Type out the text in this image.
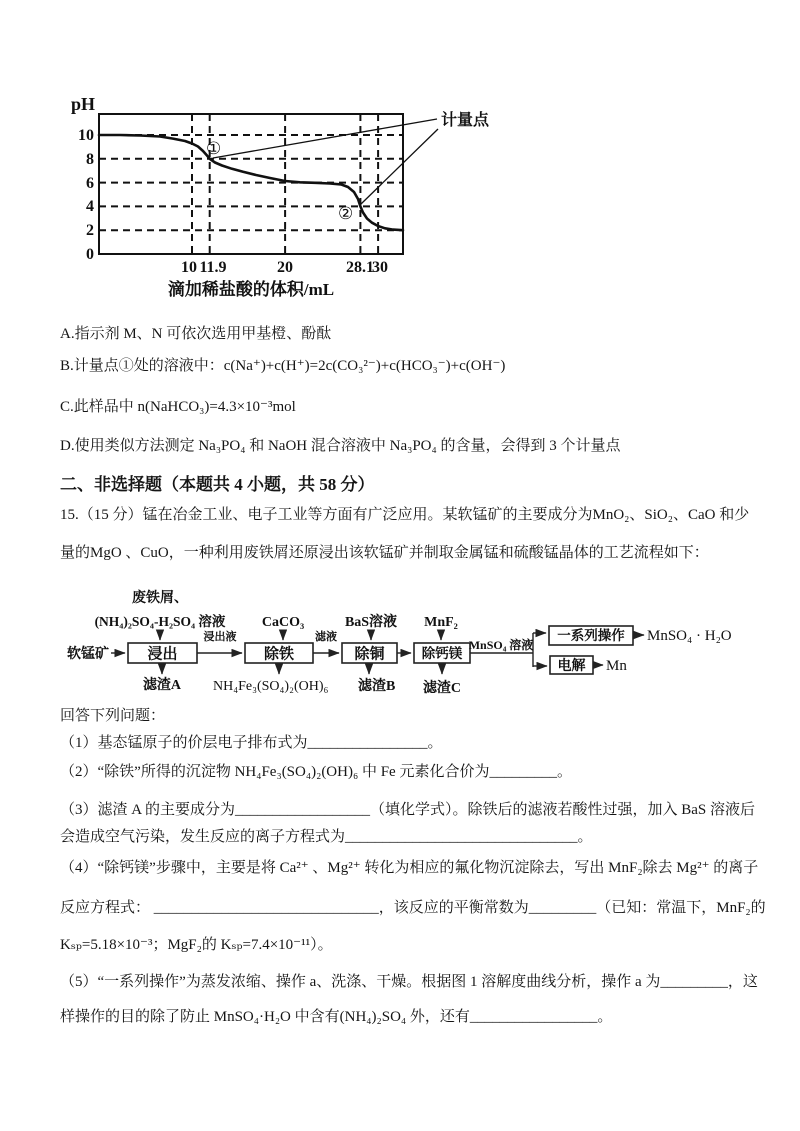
pH
10
8
6
4
2
0
10 11.9	20	28.1
30
滴加稀盐酸的体积/mL
计量点
①
②
A.指示剂 M、N 可依次选用甲基橙、酚酞
B.计量点①处的溶液中：c(Na⁺)+c(H⁺)=2c(CO₃²⁻)+c(HCO₃⁻)+c(OH⁻)
C.此样品中 n(NaHCO₃)=4.3×10⁻³mol
D.使用类似方法测定 Na₃PO₄ 和 NaOH 混合溶液中 Na₃PO₄ 的含量，会得到 3 个计量点
二、非选择题（本题共 4 小题，共 58 分）
15.（15 分）锰在冶金工业、电子工业等方面有广泛应用。某软锰矿的主要成分为MnO₂、SiO₂、CaO 和少
量的MgO 、CuO，一种利用废铁屑还原浸出该软锰矿并制取金属锰和硫酸锰晶体的工艺流程如下：
废铁屑、
(NH₄)₂SO₄-H₂SO₄ 溶液	CaCO₃	BaS溶液 MnF₂
软锰矿	浸出	除铁	除铜	除钙镁
一系列操作
电解
浸出液	滤液
MnSO₄ 溶液
MnSO₄ · H₂O
Mn
滤渣A NH₄Fe₃(SO₄)₂(OH)₆ 滤渣B 滤渣C
回答下列问题：
（1）基态锰原子的价层电子排布式为________________。
（2）“除铁”所得的沉淀物 NH₄Fe₃(SO₄)₂(OH)₆ 中 Fe 元素化合价为_________。
（3）滤渣 A 的主要成分为__________________（填化学式）。除铁后的滤液若酸性过强，加入 BaS 溶液后
会造成空气污染，发生反应的离子方程式为_______________________________。
（4）“除钙镁”步骤中，主要是将 Ca²⁺ 、Mg²⁺ 转化为相应的氟化物沉淀除去，写出 MnF₂除去 Mg²⁺ 的离子
反应方程式： ______________________________，该反应的平衡常数为_________（已知：常温下，MnF₂的
Kₛₚ=5.18×10⁻³；MgF₂的 Kₛₚ=7.4×10⁻¹¹）。
（5）“一系列操作”为蒸发浓缩、操作 a、洗涤、干燥。根据图 1 溶解度曲线分析，操作 a 为_________，这
样操作的目的除了防止 MnSO₄·H₂O 中含有(NH₄)₂SO₄ 外，还有_________________。
